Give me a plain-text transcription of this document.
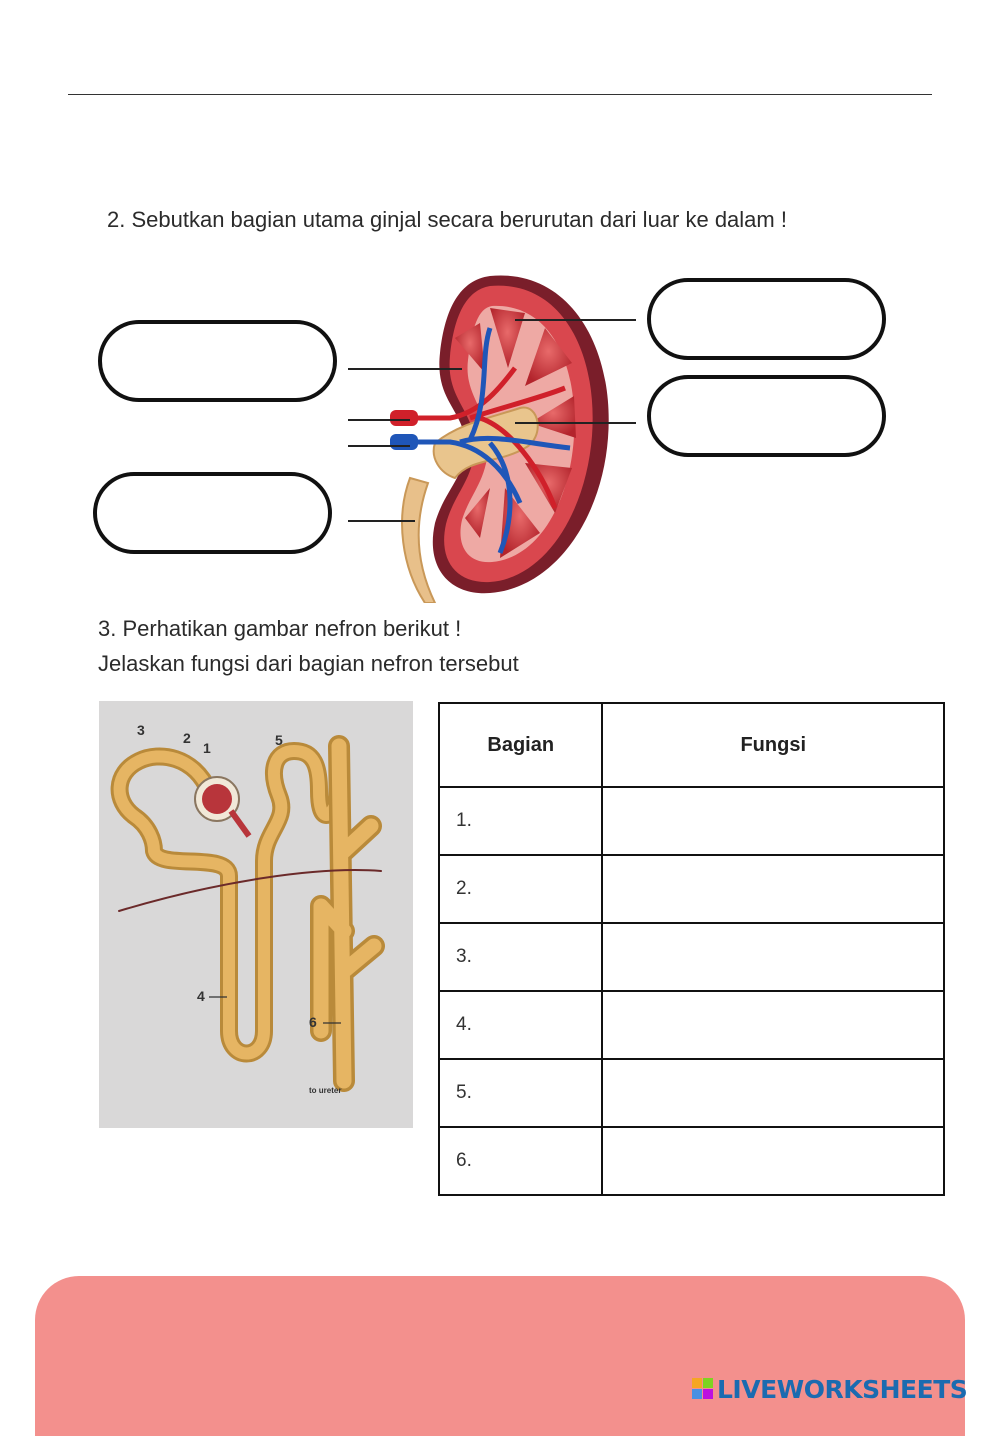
2. Sebutkan bagian utama ginjal secara berurutan dari luar ke dalam !
3. Perhatikan gambar nefron berikut !
Jelaskan fungsi dari bagian nefron tersebut
3	2
1	5
4
6
to ureter
Bagian	Fungsi
1.	
2.	
3.	
4.	
5.	
6.	
LIVEWORKSHEETS
